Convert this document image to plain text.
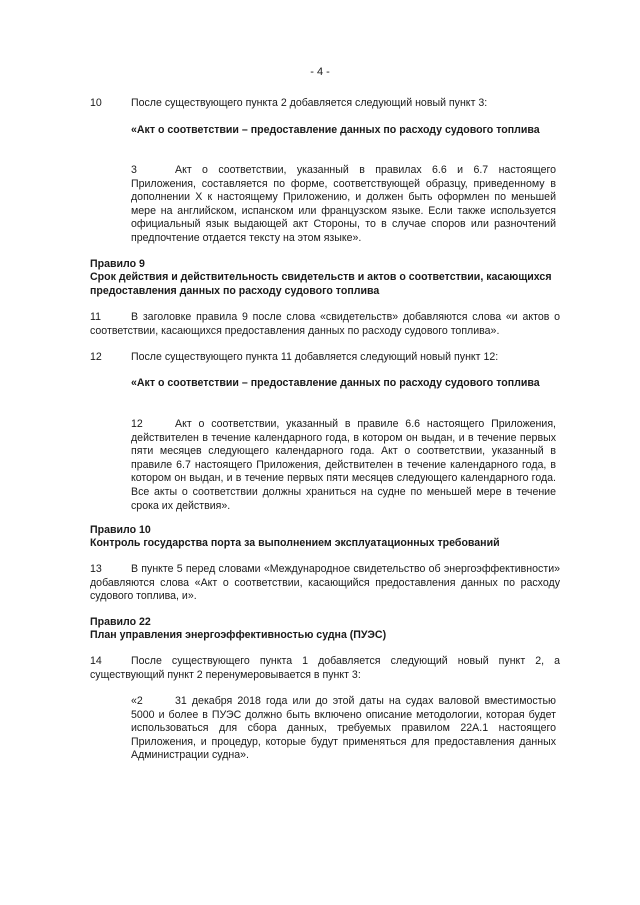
- 4 -
10	После существующего пункта 2 добавляется следующий новый пункт 3:
«Акт о соответствии – предоставление данных по расходу судового топлива
3	Акт о соответствии, указанный в правилах 6.6 и 6.7 настоящего Приложения, составляется по форме, соответствующей образцу, приведенному в дополнении X к настоящему Приложению, и должен быть оформлен по меньшей мере на английском, испанском или французском языке. Если также используется официальный язык выдающей акт Стороны, то в случае споров или разночтений предпочтение отдается тексту на этом языке».
Правило 9
Срок действия и действительность свидетельств и актов о соответствии, касающихся предоставления данных по расходу судового топлива
11	В заголовке правила 9 после слова «свидетельств» добавляются слова «и актов о соответствии, касающихся предоставления данных по расходу судового топлива».
12	После существующего пункта 11 добавляется следующий новый пункт 12:
«Акт о соответствии – предоставление данных по расходу судового топлива
12	Акт о соответствии, указанный в правиле 6.6 настоящего Приложения, действителен в течение календарного года, в котором он выдан, и в течение первых пяти месяцев следующего календарного года. Акт о соответствии, указанный в правиле 6.7 настоящего Приложения, действителен в течение календарного года, в котором он выдан, и в течение первых пяти месяцев следующего календарного года. Все акты о соответствии должны храниться на судне по меньшей мере в течение срока их действия».
Правило 10
Контроль государства порта за выполнением эксплуатационных требований
13	В пункте 5 перед словами «Международное свидетельство об энергоэффективности» добавляются слова «Акт о соответствии, касающийся предоставления данных по расходу судового топлива, и».
Правило 22
План управления энергоэффективностью судна (ПУЭС)
14	После существующего пункта 1 добавляется следующий новый пункт 2, а существующий пункт 2 перенумеровывается в пункт 3:
«2	31 декабря 2018 года или до этой даты на судах валовой вместимостью 5000 и более в ПУЭС должно быть включено описание методологии, которая будет использоваться для сбора данных, требуемых правилом 22А.1 настоящего Приложения, и процедур, которые будут применяться для предоставления данных Администрации судна».
